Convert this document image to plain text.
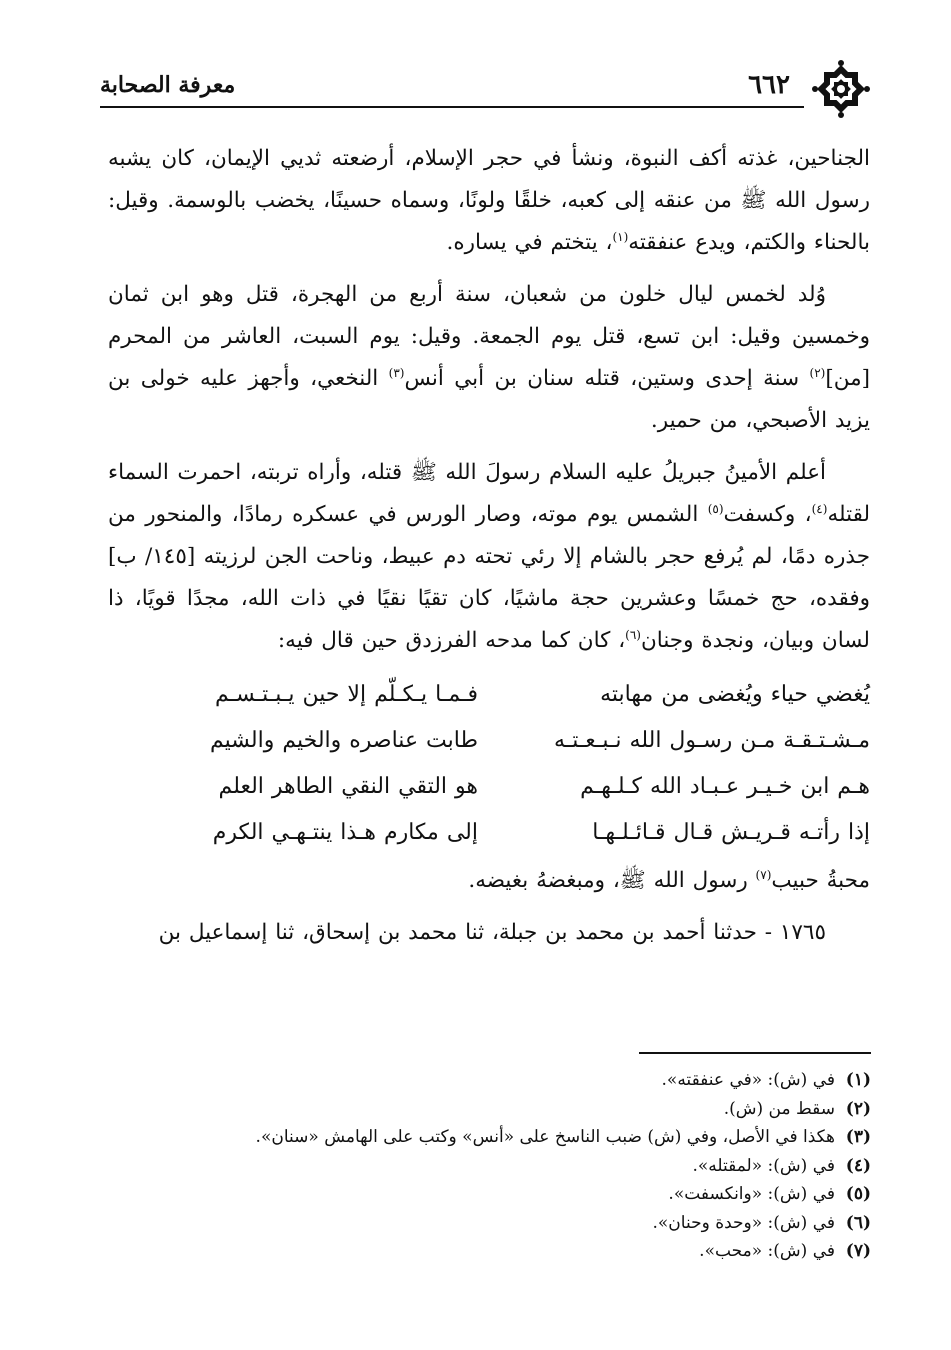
٦٦٢
معرفة الصحابة

الجناحين، غذته أكف النبوة، ونشأ في حجر الإسلام، أرضعته ثديي الإيمان، كان يشبه رسول الله ﷺ من عنقه إلى كعبه، خلقًا ولونًا، وسماه حسينًا، يخضب بالوسمة. وقيل: بالحناء والكتم، ويدع عنفقته$^{(١)}$، يتختم في يساره.

وُلد لخمس ليال خلون من شعبان، سنة أربع من الهجرة، قتل وهو ابن ثمان وخمسين وقيل: ابن تسع، قتل يوم الجمعة. وقيل: يوم السبت، العاشر من المحرم [من]$^{(٢)}$ سنة إحدى وستين، قتله سنان بن أبي أنس$^{(٣)}$ النخعي، وأجهز عليه خولى بن يزيد الأصبحي، من حمير.

أعلم الأمينُ جبريلُ عليه السلام رسولَ الله ﷺ قتله، وأراه تربته، احمرت السماء لقتله$^{(٤)}$، وكسفت$^{(٥)}$ الشمس يوم موته، وصار الورس في عسكره رمادًا، والمنحور من جذره دمًا، لم يُرفع حجر بالشام إلا رئي تحته دم عبيط، وناحت الجن لرزيته [١٤٥/ ب] وفقده، حج خمسًا وعشرين حجة ماشيًا، كان تقيًا نقيًا في ذات الله، مجدًا قويًا، ذا لسان وبيان، ونجدة وجنان$^{(٦)}$، كان كما مدحه الفرزدق حين قال فيه:

يُغضي حياء ويُغضى من مهابته
فـمـا يـكـلّم إلا حين يـبـتـسـم
مـشـتـقـة مـن رسـول الله نـبـعـتـه
طابت عناصره والخيم والشيم
هـم ابن خـيـر عـبـاد الله كـلـهـم
هو التقي النقي الطاهر العلم
إذا رأتـه قـريـش قـال قـائـلـهـا
إلى مكارم هـذا ينتـهـي الكرم

محبةُ حبيب$^{(٧)}$ رسول الله ﷺ، ومبغضهُ بغيضه.

١٧٦٥ - حدثنا أحمد بن محمد بن جبلة، ثنا محمد بن إسحاق، ثنا إسماعيل بن

(١)في (ش): «في عنفقته».
(٢)سقط من (ش).
(٣)هكذا في الأصل، وفي (ش) ضبب الناسخ على «أنس» وكتب على الهامش «سنان».
(٤)في (ش): «لمقتله».
(٥)في (ش): «وانكسفت».
(٦)في (ش): «وحدة وحنان».
(٧)في (ش): «محب».
